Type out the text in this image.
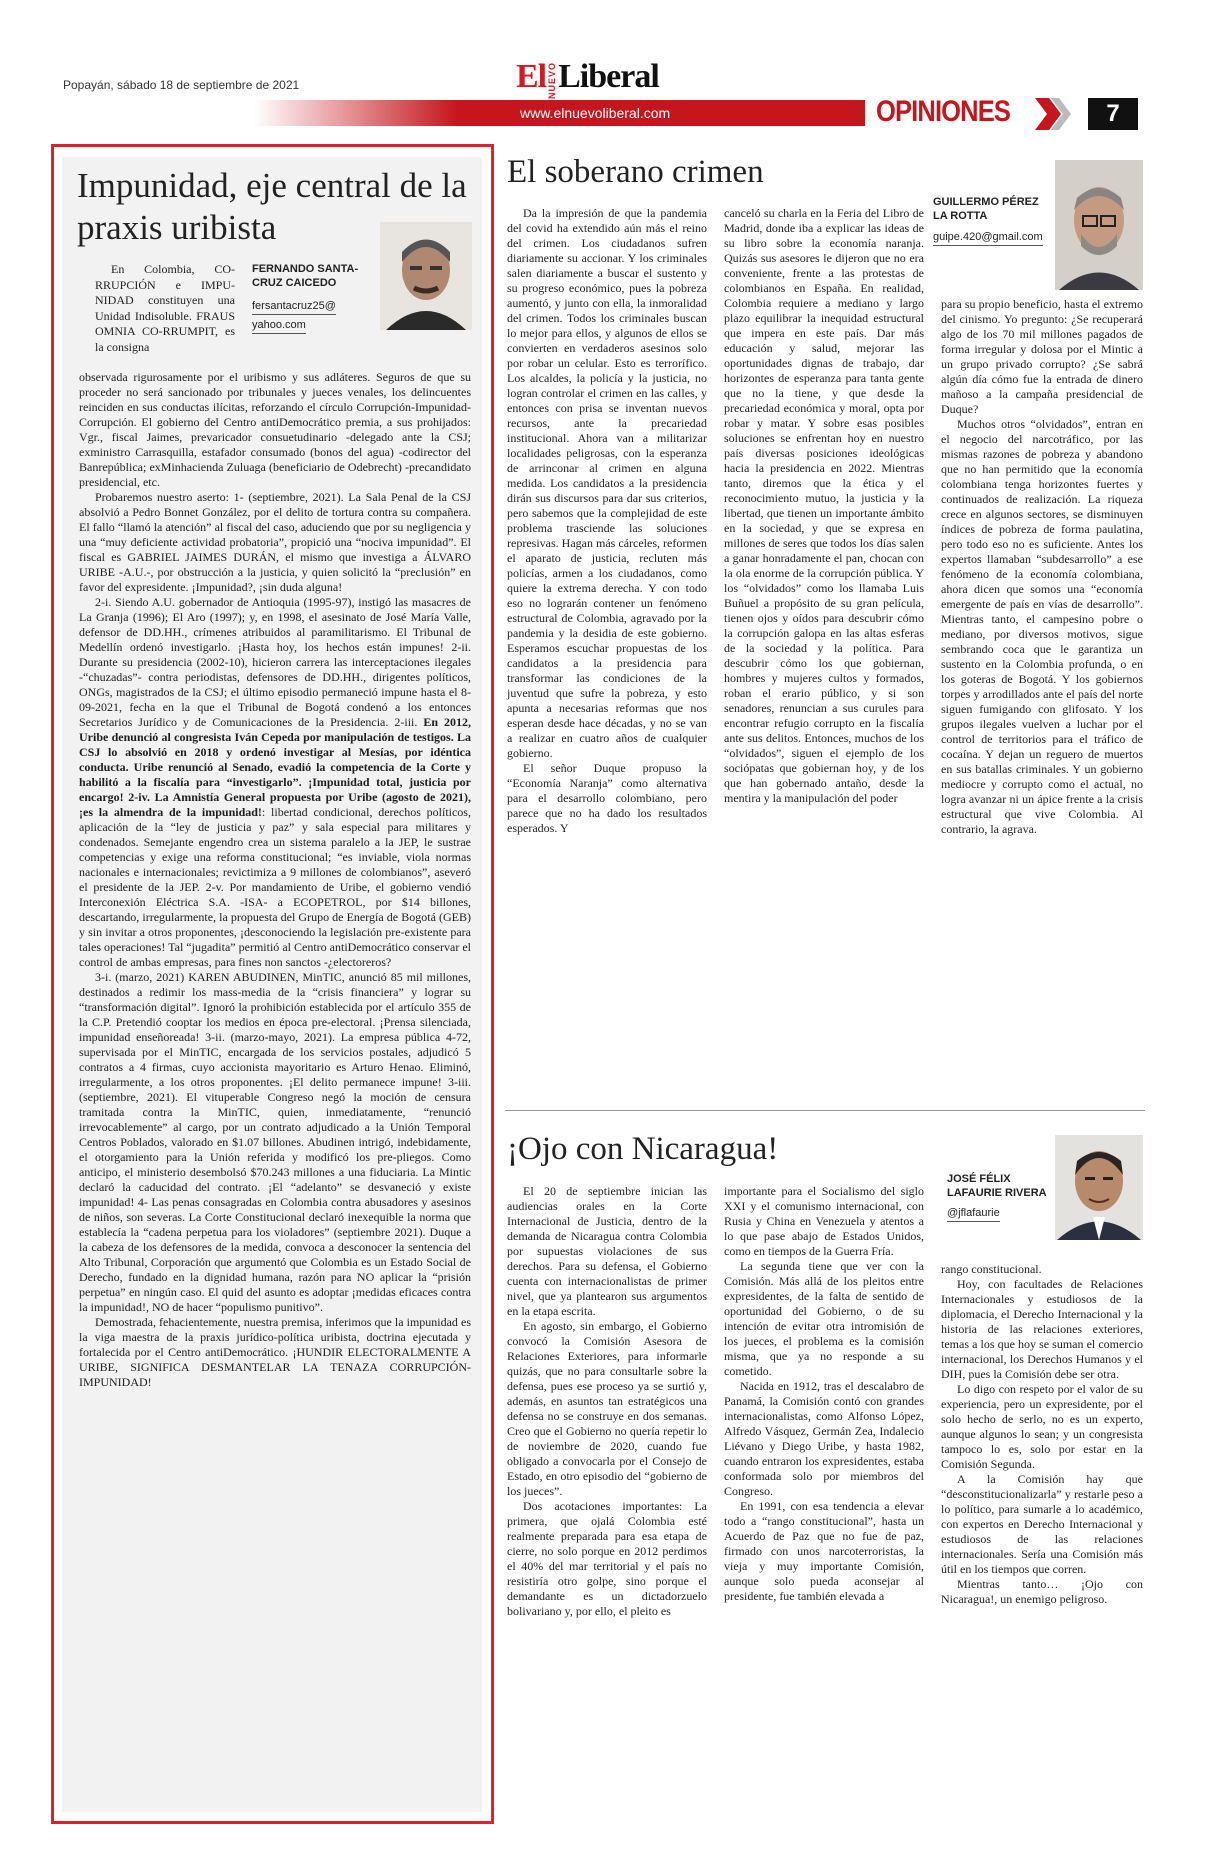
Popayán, sábado 18 de septiembre de 2021	ElNUEVOLiberal
www.elnuevoliberal.com	OPINIONES	7
Impunidad, eje central de la praxis uribista

En Colombia, CO-RRUPCIÓN e IMPU-NIDAD constituyen una Unidad Indisoluble. FRAUS OMNIA CO-RRUMPIT, es la consigna

FERNANDO SANTA-CRUZ CAICEDO
fersantacruz25@
yahoo.com

observada rigurosamente por el uribismo y sus adláteres. Seguros de que su proceder no será sancionado por tribunales y jueces venales, los delincuentes reinciden en sus conductas ilícitas, reforzando el círculo Corrupción-Impunidad-Corrupción. El gobierno del Centro antiDemocrático premia, a sus prohijados: Vgr., fiscal Jaimes, prevaricador consuetudinario -delegado ante la CSJ; exministro Carrasquilla, estafador consumado (bonos del agua) -codirector del Banrepública; exMinhacienda Zuluaga (beneficiario de Odebrecht) -precandidato presidencial, etc.

Probaremos nuestro aserto: 1- (septiembre, 2021). La Sala Penal de la CSJ absolvió a Pedro Bonnet González, por el delito de tortura contra su compañera. El fallo “llamó la atención” al fiscal del caso, aduciendo que por su negligencia y una “muy deficiente actividad probatoria”, propició una “nociva impunidad”. El fiscal es GABRIEL JAIMES DURÁN, el mismo que investiga a ÁLVARO URIBE -A.U.-, por obstrucción a la justicia, y quien solicitó la “preclusión” en favor del expresidente. ¡Impunidad?, ¡sin duda alguna!

2-i. Siendo A.U. gobernador de Antioquia (1995-97), instigó las masacres de La Granja (1996); El Aro (1997); y, en 1998, el asesinato de José María Valle, defensor de DD.HH., crímenes atribuidos al paramilitarismo. El Tribunal de Medellín ordenó investigarlo. ¡Hasta hoy, los hechos están impunes! 2-ii. Durante su presidencia (2002-10), hicieron carrera las interceptaciones ilegales -“chuzadas”- contra periodistas, defensores de DD.HH., dirigentes políticos, ONGs, magistrados de la CSJ; el último episodio permaneció impune hasta el 8-09-2021, fecha en la que el Tribunal de Bogotá condenó a los entonces Secretarios Jurídico y de Comunicaciones de la Presidencia. 2-iii. En 2012, Uribe denunció al congresista Iván Cepeda por manipulación de testigos. La CSJ lo absolvió en 2018 y ordenó investigar al Mesías, por idéntica conducta. Uribe renunció al Senado, evadió la competencia de la Corte y habilitó a la fiscalía para “investigarlo”. ¡Impunidad total, justicia por encargo! 2-iv. La Amnistía General propuesta por Uribe (agosto de 2021), ¡es la almendra de la impunidad!: libertad condicional, derechos políticos, aplicación de la “ley de justicia y paz” y sala especial para militares y condenados. Semejante engendro crea un sistema paralelo a la JEP, le sustrae competencias y exige una reforma constitucional; “es inviable, viola normas nacionales e internacionales; revictimiza a 9 millones de colombianos”, aseveró el presidente de la JEP. 2-v. Por mandamiento de Uribe, el gobierno vendió Interconexión Eléctrica S.A. -ISA- a ECOPETROL, por $14 billones, descartando, irregularmente, la propuesta del Grupo de Energía de Bogotá (GEB) y sin invitar a otros proponentes, ¡desconociendo la legislación pre-existente para tales operaciones! Tal “jugadita” permitió al Centro antiDemocrático conservar el control de ambas empresas, para fines non sanctos -¿electoreros?

3-i. (marzo, 2021) KAREN ABUDINEN, MinTIC, anunció 85 mil millones, destinados a redimir los mass-media de la “crisis financiera” y lograr su “transformación digital”. Ignoró la prohibición establecida por el artículo 355 de la C.P. Pretendió cooptar los medios en época pre-electoral. ¡Prensa silenciada, impunidad enseñoreada! 3-ii. (marzo-mayo, 2021). La empresa pública 4-72, supervisada por el MinTIC, encargada de los servicios postales, adjudicó 5 contratos a 4 firmas, cuyo accionista mayoritario es Arturo Henao. Eliminó, irregularmente, a los otros proponentes. ¡El delito permanece impune! 3-iii. (septiembre, 2021). El vituperable Congreso negó la moción de censura tramitada contra la MinTIC, quien, inmediatamente, “renunció irrevocablemente” al cargo, por un contrato adjudicado a la Unión Temporal Centros Poblados, valorado en $1.07 billones. Abudinen intrigó, indebidamente, el otorgamiento para la Unión referida y modificó los pre-pliegos. Como anticipo, el ministerio desembolsó $70.243 millones a una fiduciaria. La Mintic declaró la caducidad del contrato. ¡El “adelanto” se desvaneció y existe impunidad! 4- Las penas consagradas en Colombia contra abusadores y asesinos de niños, son severas. La Corte Constitucional declaró inexequible la norma que establecía la “cadena perpetua para los violadores” (septiembre 2021). Duque a la cabeza de los defensores de la medida, convoca a desconocer la sentencia del Alto Tribunal, Corporación que argumentó que Colombia es un Estado Social de Derecho, fundado en la dignidad humana, razón para NO aplicar la “prisión perpetua” en ningún caso. El quid del asunto es adoptar ¡medidas eficaces contra la impunidad!, NO de hacer “populismo punitivo”.

Demostrada, fehacientemente, nuestra premisa, inferimos que la impunidad es la viga maestra de la praxis jurídico-política uribista, doctrina ejecutada y fortalecida por el Centro antiDemocrático. ¡HUNDIR ELECTORALMENTE A URIBE, SIGNIFICA DESMANTELAR LA TENAZA CORRUPCIÓN-IMPUNIDAD!

El soberano crimen
GUILLERMO PÉREZ LA ROTTA
guipe.420@gmail.com

Da la impresión de que la pandemia del covid ha extendido aún más el reino del crimen. Los ciudadanos sufren diariamente su accionar. Y los criminales salen diariamente a buscar el sustento y su progreso económico, pues la pobreza aumentó, y junto con ella, la inmoralidad del crimen. Todos los criminales buscan lo mejor para ellos, y algunos de ellos se convierten en verdaderos asesinos solo por robar un celular. Esto es terrorífico. Los alcaldes, la policía y la justicia, no logran controlar el crimen en las calles, y entonces con prisa se inventan nuevos recursos, ante la precariedad institucional. Ahora van a militarizar localidades peligrosas, con la esperanza de arrinconar al crimen en alguna medida. Los candidatos a la presidencia dirán sus discursos para dar sus criterios, pero sabemos que la complejidad de este problema trasciende las soluciones represivas. Hagan más cárceles, reformen el aparato de justicia, recluten más policías, armen a los ciudadanos, como quiere la extrema derecha. Y con todo eso no lograrán contener un fenómeno estructural de Colombia, agravado por la pandemia y la desidia de este gobierno. Esperamos escuchar propuestas de los candidatos a la presidencia para transformar las condiciones de la juventud que sufre la pobreza, y esto apunta a necesarias reformas que nos esperan desde hace décadas, y no se van a realizar en cuatro años de cualquier gobierno.

El señor Duque propuso la “Economía Naranja” como alternativa para el desarrollo colombiano, pero parece que no ha dado los resultados esperados. Y

canceló su charla en la Feria del Libro de Madrid, donde iba a explicar las ideas de su libro sobre la economía naranja. Quizás sus asesores le dijeron que no era conveniente, frente a las protestas de colombianos en España. En realidad, Colombia requiere a mediano y largo plazo equilibrar la inequidad estructural que impera en este país. Dar más educación y salud, mejorar las oportunidades dignas de trabajo, dar horizontes de esperanza para tanta gente que no la tiene, y que desde la precariedad económica y moral, opta por robar y matar. Y sobre esas posibles soluciones se enfrentan hoy en nuestro país diversas posiciones ideológicas hacia la presidencia en 2022. Mientras tanto, diremos que la ética y el reconocimiento mutuo, la justicia y la libertad, que tienen un importante ámbito en la sociedad, y que se expresa en millones de seres que todos los días salen a ganar honradamente el pan, chocan con la ola enorme de la corrupción pública. Y los “olvidados” como los llamaba Luis Buñuel a propósito de su gran película, tienen ojos y oídos para descubrir cómo la corrupción galopa en las altas esferas de la sociedad y la política. Para descubrir cómo los que gobiernan, hombres y mujeres cultos y formados, roban el erario público, y si son senadores, renuncian a sus curules para encontrar refugio corrupto en la fiscalía ante sus delitos. Entonces, muchos de los “olvidados”, siguen el ejemplo de los sociópatas que gobiernan hoy, y de los que han gobernado antaño, desde la mentira y la manipulación del poder

para su propio beneficio, hasta el extremo del cinismo. Yo pregunto: ¿Se recuperará algo de los 70 mil millones pagados de forma irregular y dolosa por el Mintic a un grupo privado corrupto? ¿Se sabrá algún día cómo fue la entrada de dinero mañoso a la campaña presidencial de Duque?

Muchos otros “olvidados”, entran en el negocio del narcotráfico, por las mismas razones de pobreza y abandono que no han permitido que la economía colombiana tenga horizontes fuertes y continuados de realización. La riqueza crece en algunos sectores, se disminuyen índices de pobreza de forma paulatina, pero todo eso no es suficiente. Antes los expertos llamaban “subdesarrollo” a ese fenómeno de la economía colombiana, ahora dicen que somos una “economía emergente de país en vías de desarrollo”. Mientras tanto, el campesino pobre o mediano, por diversos motivos, sigue sembrando coca que le garantiza un sustento en la Colombia profunda, o en los goteras de Bogotá. Y los gobiernos torpes y arrodillados ante el país del norte siguen fumigando con glifosato. Y los grupos ilegales vuelven a luchar por el control de territorios para el tráfico de cocaína. Y dejan un reguero de muertos en sus batallas criminales. Y un gobierno mediocre y corrupto como el actual, no logra avanzar ni un ápice frente a la crisis estructural que vive Colombia. Al contrario, la agrava.

¡Ojo con Nicaragua!
JOSÉ FÉLIX LAFAURIE RIVERA
@jflafaurie

El 20 de septiembre inician las audiencias orales en la Corte Internacional de Justicia, dentro de la demanda de Nicaragua contra Colombia por supuestas violaciones de sus derechos. Para su defensa, el Gobierno cuenta con internacionalistas de primer nivel, que ya plantearon sus argumentos en la etapa escrita.

En agosto, sin embargo, el Gobierno convocó la Comisión Asesora de Relaciones Exteriores, para informarle quizás, que no para consultarle sobre la defensa, pues ese proceso ya se surtió y, además, en asuntos tan estratégicos una defensa no se construye en dos semanas. Creo que el Gobierno no quería repetir lo de noviembre de 2020, cuando fue obligado a convocarla por el Consejo de Estado, en otro episodio del “gobierno de los jueces”.

Dos acotaciones importantes: La primera, que ojalá Colombia esté realmente preparada para esa etapa de cierre, no solo porque en 2012 perdimos el 40% del mar territorial y el país no resistiría otro golpe, sino porque el demandante es un dictadorzuelo bolivariano y, por ello, el pleito es

importante para el Socialismo del siglo XXI y el comunismo internacional, con Rusia y China en Venezuela y atentos a lo que pase abajo de Estados Unidos, como en tiempos de la Guerra Fría.

La segunda tiene que ver con la Comisión. Más allá de los pleitos entre expresidentes, de la falta de sentido de oportunidad del Gobierno, o de su intención de evitar otra intromisión de los jueces, el problema es la comisión misma, que ya no responde a su cometido.

Nacida en 1912, tras el descalabro de Panamá, la Comisión contó con grandes internacionalistas, como Alfonso López, Alfredo Vásquez, Germán Zea, Indalecio Liévano y Diego Uribe, y hasta 1982, cuando entraron los expresidentes, estaba conformada solo por miembros del Congreso.

En 1991, con esa tendencia a elevar todo a “rango constitucional”, hasta un Acuerdo de Paz que no fue de paz, firmado con unos narcoterroristas, la vieja y muy importante Comisión, aunque solo pueda aconsejar al presidente, fue también elevada a

rango constitucional.

Hoy, con facultades de Relaciones Internacionales y estudiosos de la diplomacia, el Derecho Internacional y la historia de las relaciones exteriores, temas a los que hoy se suman el comercio internacional, los Derechos Humanos y el DIH, pues la Comisión debe ser otra.

Lo digo con respeto por el valor de su experiencia, pero un expresidente, por el solo hecho de serlo, no es un experto, aunque algunos lo sean; y un congresista tampoco lo es, solo por estar en la Comisión Segunda.

A la Comisión hay que “desconstitucionalizarla” y restarle peso a lo político, para sumarle a lo académico, con expertos en Derecho Internacional y estudiosos de las relaciones internacionales. Sería una Comisión más útil en los tiempos que corren.

Mientras tanto… ¡Ojo con Nicaragua!, un enemigo peligroso.
